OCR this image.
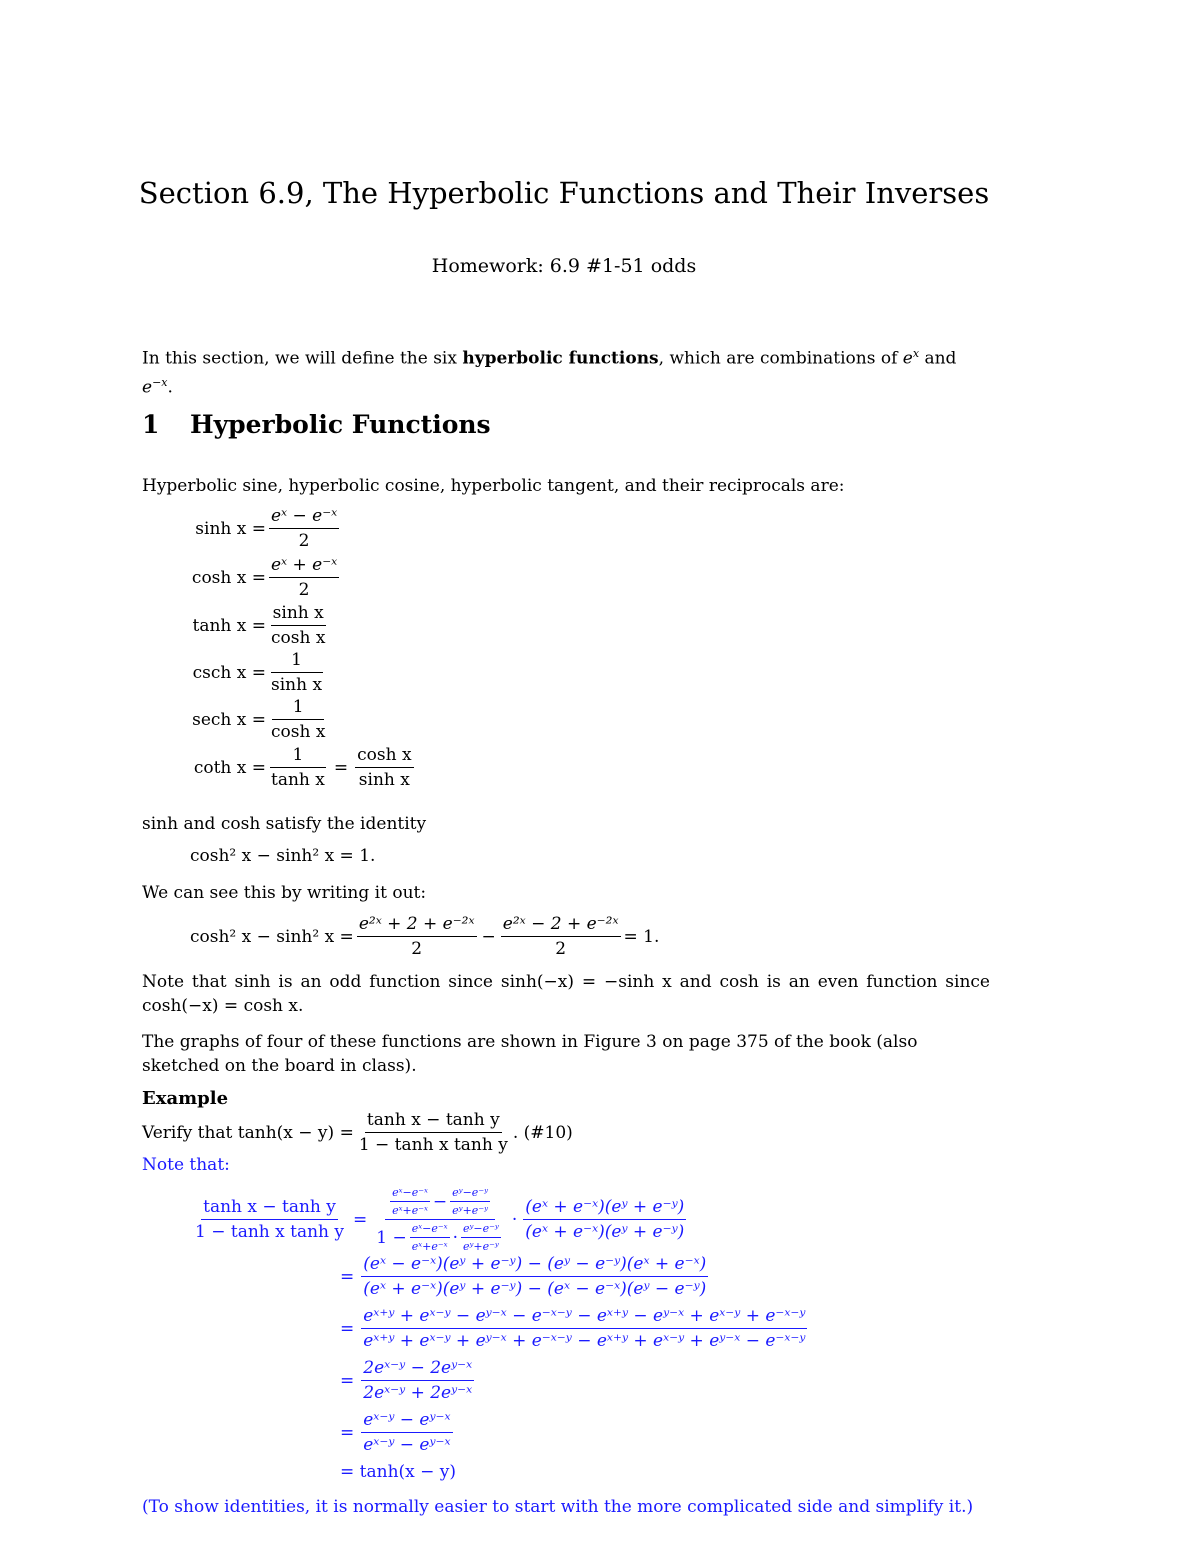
Section 6.9, The Hyperbolic Functions and Their Inverses
Homework: 6.9 #1-51 odds
In this section, we will define the six hyperbolic functions, which are combinations of $e^x$ and $e^{-x}$.
1 Hyperbolic Functions
Hyperbolic sine, hyperbolic cosine, hyperbolic tangent, and their reciprocals are:
$\sinh x = \frac{\text{eˣ − e⁻ˣ}}{2}$
$\cosh x = \frac{\text{eˣ + e⁻ˣ}}{2}$
$\tanh x = \frac{\text{sinh x}}{\text{cosh x}}$
csch $x = \frac{1}{\text{sinh x}}$
sech $x = \frac{1}{\text{cosh x}}$
coth $x = \frac{1}{\text{tanh x}} = \frac{\text{cosh x}}{\text{sinh x}}$
sinh and cosh satisfy the identity
cosh² x − sinh² x = 1.
We can see this by writing it out:
cosh² x − sinh² $x = \frac{\text{e²ˣ + 2 + e⁻²ˣ}}{2} - \frac{\text{e²ˣ − 2 + e⁻²ˣ}}{2} = 1$.
Note that sinh is an odd function since sinh(−x) = −sinh x and cosh is an even function since cosh(−x) = cosh x.
The graphs of four of these functions are shown in Figure 3 on page 375 of the book (also sketched on the board in class).
Example
Verify that $\tanh(x - y) = \frac{\text{tanh x − tanh y}}{\text{1 − tanh x tanh y}}$ . (#10)
Note that:
$\frac{\text{tanh x − tanh y}}{\text{1 − tanh x tanh y}} = \frac{\frac{\text{eˣ−e⁻ˣ}}{\text{eˣ+e⁻ˣ}} - \frac{\text{eʸ−e⁻ʸ}}{\text{eʸ+e⁻ʸ}}}{1 - \frac{\text{eˣ−e⁻ˣ}}{\text{eˣ+e⁻ˣ}} \cdot \frac{\text{eʸ−e⁻ʸ}}{\text{eʸ+e⁻ʸ}}} \cdot \frac{\text{(eˣ + e⁻ˣ)(eʸ + e⁻ʸ)}}{\text{(eˣ + e⁻ˣ)(eʸ + e⁻ʸ)}}$
= $\frac{\text{(eˣ − e⁻ˣ)(eʸ + e⁻ʸ) − (eʸ − e⁻ʸ)(eˣ + e⁻ˣ)}}{\text{(eˣ + e⁻ˣ)(eʸ + e⁻ʸ) − (eˣ − e⁻ˣ)(eʸ − e⁻ʸ)}}$
= $\frac{\text{eˣ⁺ʸ + eˣ⁻ʸ − eʸ⁻ˣ − e⁻ˣ⁻ʸ − eˣ⁺ʸ − eʸ⁻ˣ + eˣ⁻ʸ + e⁻ˣ⁻ʸ}}{\text{eˣ⁺ʸ + eˣ⁻ʸ + eʸ⁻ˣ + e⁻ˣ⁻ʸ − eˣ⁺ʸ + eˣ⁻ʸ + eʸ⁻ˣ − e⁻ˣ⁻ʸ}}$
= $\frac{\text{2eˣ⁻ʸ − 2eʸ⁻ˣ}}{\text{2eˣ⁻ʸ + 2eʸ⁻ˣ}}$
= $\frac{\text{eˣ⁻ʸ − eʸ⁻ˣ}}{\text{eˣ⁻ʸ − eʸ⁻ˣ}}$
= tanh(x − y)
(To show identities, it is normally easier to start with the more complicated side and simplify it.)
